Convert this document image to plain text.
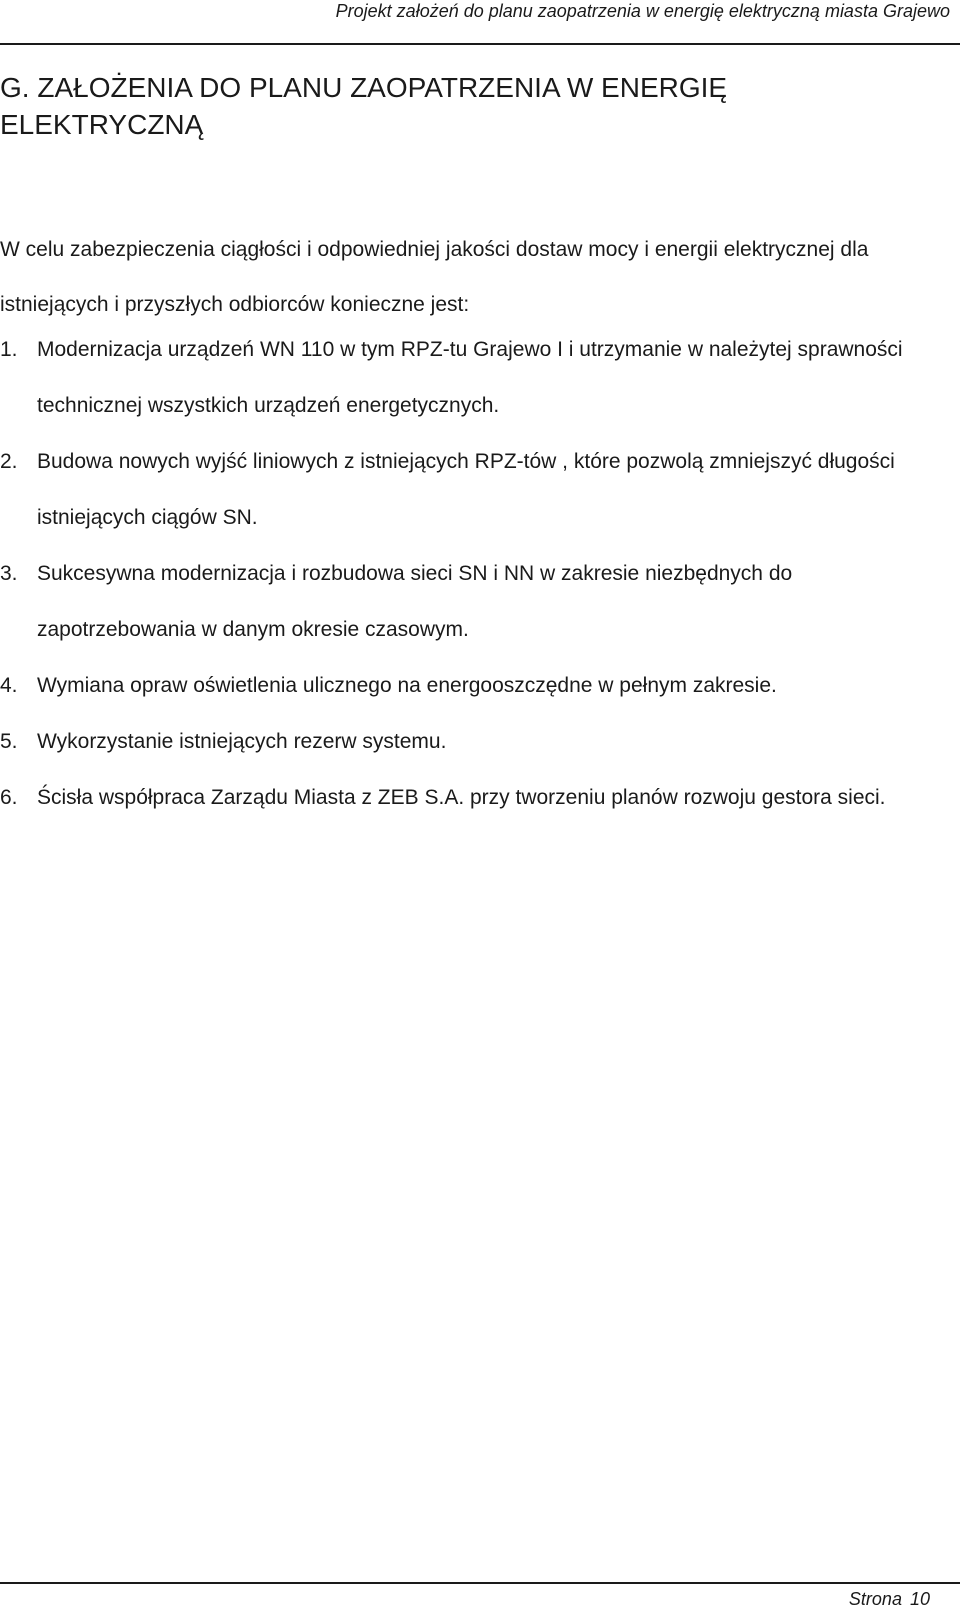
Projekt założeń do planu zaopatrzenia w energię elektryczną miasta Grajewo
G. ZAŁOŻENIA DO PLANU ZAOPATRZENIA W ENERGIĘ ELEKTRYCZNĄ

W celu zabezpieczenia ciągłości i odpowiedniej jakości dostaw mocy i energii elektrycznej dla istniejących i przyszłych odbiorców konieczne jest:

1. Modernizacja urządzeń WN 110 w tym RPZ-tu Grajewo I i utrzymanie w należytej sprawności technicznej wszystkich urządzeń energetycznych.
2. Budowa nowych wyjść liniowych z istniejących RPZ-tów , które pozwolą zmniejszyć długości istniejących ciągów SN.
3. Sukcesywna modernizacja i rozbudowa sieci SN i NN w zakresie niezbędnych do zapotrzebowania w danym okresie czasowym.
4. Wymiana opraw oświetlenia ulicznego na energooszczędne w pełnym zakresie.
5. Wykorzystanie istniejących rezerw systemu.
6. Ścisła współpraca Zarządu Miasta z ZEB S.A. przy tworzeniu planów rozwoju gestora sieci.
Strona 10
